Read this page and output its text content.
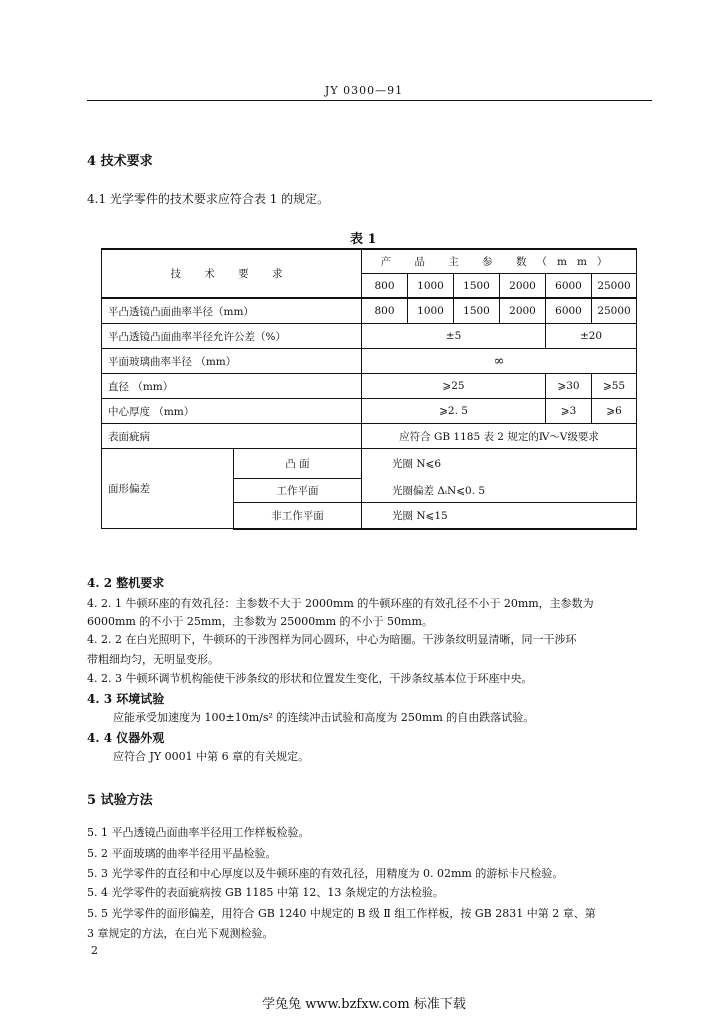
JY 0300—91
4 技术要求
4.1 光学零件的技术要求应符合表 1 的规定。
表 1
技 术 要 求		产 品 主 参 数（mm）					
		800	1000	1500	2000	6000	25000
平凸透镜凸面曲率半径（mm）		800	1000	1500	2000	6000	25000
平凸透镜凸面曲率半径允许公差（%）		±5				±20	
平面玻璃曲率半径 （mm）		∞					
直径 （mm）		⩾25				⩾30	⩾55
中心厚度 （mm）		⩾2. 5				⩾3	⩾6
表面疵病		应符合 GB 1185 表 2 规定的Ⅳ～Ⅴ级要求					
面形偏差	凸 面	光圈 N⩽6					
	工作平面	光圈偏差 ΔᵢN⩽0. 5					
	非工作平面	光圈 N⩽15					
4. 2 整机要求
4. 2. 1 牛顿环座的有效孔径：主参数不大于 2000mm 的牛顿环座的有效孔径不小于 20mm，主参数为
6000mm 的不小于 25mm，主参数为 25000mm 的不小于 50mm。
4. 2. 2 在白光照明下，牛顿环的干涉图样为同心圆环，中心为暗圈。干涉条纹明显清晰，同一干涉环
带粗细均匀，无明显变形。
4. 2. 3 牛顿环调节机构能使干涉条纹的形状和位置发生变化，干涉条纹基本位于环座中央。
4. 3 环境试验
应能承受加速度为 100±10m/s² 的连续冲击试验和高度为 250mm 的自由跌落试验。
4. 4 仪器外观
应符合 JY 0001 中第 6 章的有关规定。
5 试验方法
5. 1 平凸透镜凸面曲率半径用工作样板检验。
5. 2 平面玻璃的曲率半径用平晶检验。
5. 3 光学零件的直径和中心厚度以及牛顿环座的有效孔径，用精度为 0. 02mm 的游标卡尺检验。
5. 4 光学零件的表面疵病按 GB 1185 中第 12、13 条规定的方法检验。
5. 5 光学零件的面形偏差，用符合 GB 1240 中规定的 B 级 Ⅱ 组工作样板，按 GB 2831 中第 2 章、第
3 章规定的方法，在白光下观测检验。
2
学兔兔 www.bzfxw.com 标准下载
